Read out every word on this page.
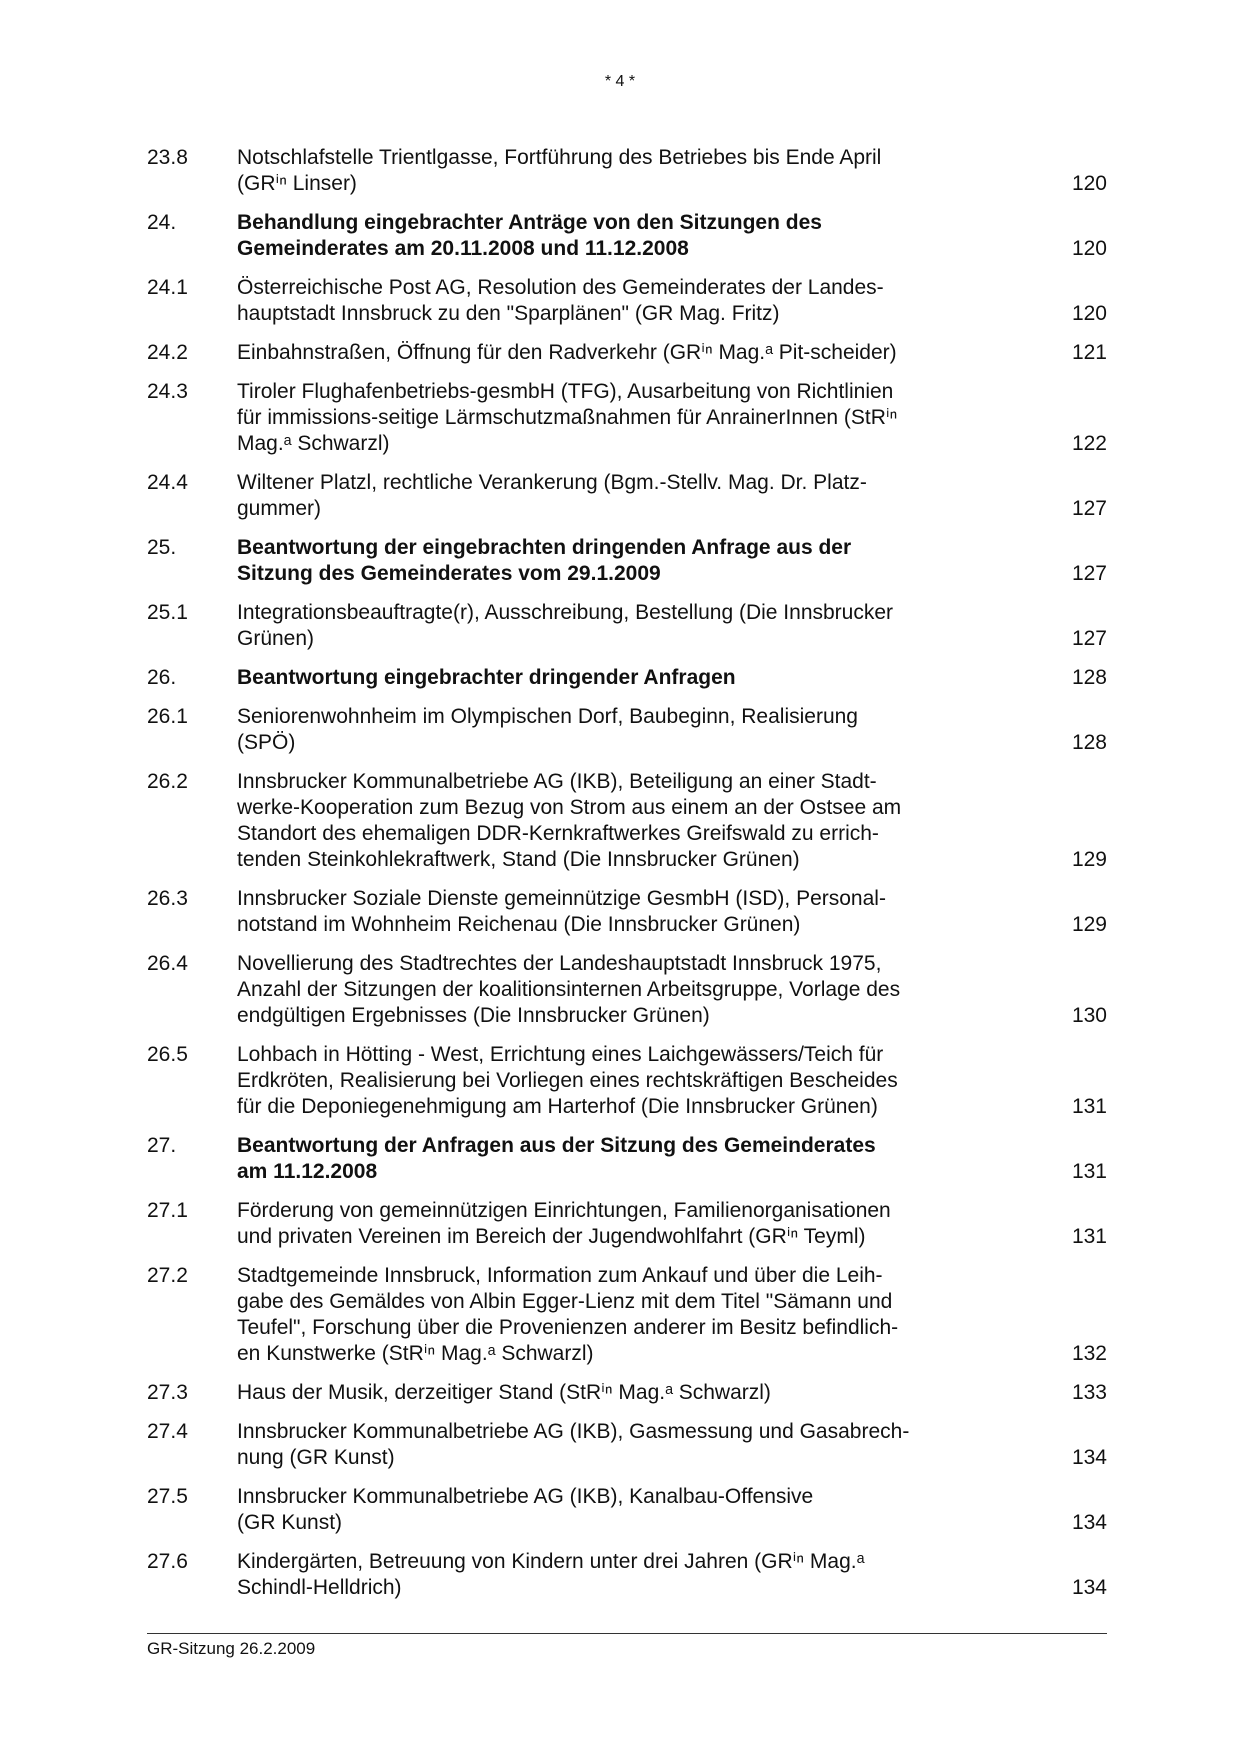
* 4 *
23.8	Notschlafstelle Trientlgasse, Fortführung des Betriebes bis Ende April
(GRⁱⁿ Linser)	120
24.	Behandlung eingebrachter Anträge von den Sitzungen des
Gemeinderates am 20.11.2008 und 11.12.2008	120
24.1	Österreichische Post AG, Resolution des Gemeinderates der Landes-
hauptstadt Innsbruck zu den "Sparplänen" (GR Mag. Fritz)	120
24.2	Einbahnstraßen, Öffnung für den Radverkehr (GRⁱⁿ Mag.ᵃ Pit-scheider)	121
24.3	Tiroler Flughafenbetriebs-gesmbH (TFG), Ausarbeitung von Richtlinien
für immissions-seitige Lärmschutzmaßnahmen für AnrainerInnen (StRⁱⁿ
Mag.ᵃ Schwarzl)	122
24.4	Wiltener Platzl, rechtliche Verankerung (Bgm.-Stellv. Mag. Dr. Platz-
gummer)	127
25.	Beantwortung der eingebrachten dringenden Anfrage aus der
Sitzung des Gemeinderates vom 29.1.2009	127
25.1	Integrationsbeauftragte(r), Ausschreibung, Bestellung (Die Innsbrucker
Grünen)	127
26.	Beantwortung eingebrachter dringender Anfragen	128
26.1	Seniorenwohnheim im Olympischen Dorf, Baubeginn, Realisierung
(SPÖ)	128
26.2	Innsbrucker Kommunalbetriebe AG (IKB), Beteiligung an einer Stadt-
werke-Kooperation zum Bezug von Strom aus einem an der Ostsee am
Standort des ehemaligen DDR-Kernkraftwerkes Greifswald zu errich-
tenden Steinkohlekraftwerk, Stand (Die Innsbrucker Grünen)	129
26.3	Innsbrucker Soziale Dienste gemeinnützige GesmbH (ISD), Personal-
notstand im Wohnheim Reichenau (Die Innsbrucker Grünen)	129
26.4	Novellierung des Stadtrechtes der Landeshauptstadt Innsbruck 1975,
Anzahl der Sitzungen der koalitionsinternen Arbeitsgruppe, Vorlage des
endgültigen Ergebnisses (Die Innsbrucker Grünen)	130
26.5	Lohbach in Hötting - West, Errichtung eines Laichgewässers/Teich für
Erdkröten, Realisierung bei Vorliegen eines rechtskräftigen Bescheides
für die Deponiegenehmigung am Harterhof (Die Innsbrucker Grünen)	131
27.	Beantwortung der Anfragen aus der Sitzung des Gemeinderates
am 11.12.2008	131
27.1	Förderung von gemeinnützigen Einrichtungen, Familienorganisationen
und privaten Vereinen im Bereich der Jugendwohlfahrt (GRⁱⁿ Teyml)	131
27.2	Stadtgemeinde Innsbruck, Information zum Ankauf und über die Leih-
gabe des Gemäldes von Albin Egger-Lienz mit dem Titel "Sämann und
Teufel", Forschung über die Provenienzen anderer im Besitz befindlich-
en Kunstwerke (StRⁱⁿ Mag.ᵃ Schwarzl)	132
27.3	Haus der Musik, derzeitiger Stand (StRⁱⁿ Mag.ᵃ Schwarzl)	133
27.4	Innsbrucker Kommunalbetriebe AG (IKB), Gasmessung und Gasabrech-
nung (GR Kunst)	134
27.5	Innsbrucker Kommunalbetriebe AG (IKB), Kanalbau-Offensive
(GR Kunst)	134
27.6	Kindergärten, Betreuung von Kindern unter drei Jahren (GRⁱⁿ Mag.ᵃ
Schindl-Helldrich)	134
GR-Sitzung 26.2.2009
